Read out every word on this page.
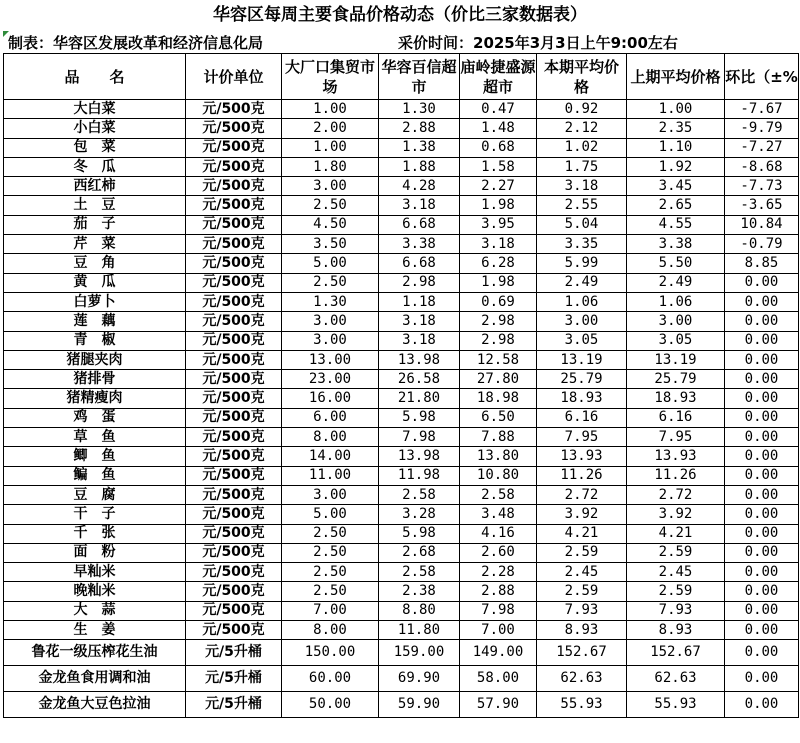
华容区每周主要食品价格动态（价比三家数据表）
制表：华容区发展改革和经济信息化局	采价时间：2025年3月3日上午9:00左右
品　　名	计价单位	大厂口集贸市场	华容百信超市	庙岭捷盛源超市	本期平均价格	上期平均价格	环比（±%
大白菜	元/500克	1.00	1.30	0.47	0.92	1.00	-7.67
小白菜	元/500克	2.00	2.88	1.48	2.12	2.35	-9.79
包　菜	元/500克	1.00	1.38	0.68	1.02	1.10	-7.27
冬　瓜	元/500克	1.80	1.88	1.58	1.75	1.92	-8.68
西红柿	元/500克	3.00	4.28	2.27	3.18	3.45	-7.73
土　豆	元/500克	2.50	3.18	1.98	2.55	2.65	-3.65
茄　子	元/500克	4.50	6.68	3.95	5.04	4.55	10.84
芹　菜	元/500克	3.50	3.38	3.18	3.35	3.38	-0.79
豆　角	元/500克	5.00	6.68	6.28	5.99	5.50	8.85
黄　瓜	元/500克	2.50	2.98	1.98	2.49	2.49	0.00
白萝卜	元/500克	1.30	1.18	0.69	1.06	1.06	0.00
莲　藕	元/500克	3.00	3.18	2.98	3.00	3.00	0.00
青　椒	元/500克	3.00	3.18	2.98	3.05	3.05	0.00
猪腿夹肉	元/500克	13.00	13.98	12.58	13.19	13.19	0.00
猪排骨	元/500克	23.00	26.58	27.80	25.79	25.79	0.00
猪精瘦肉	元/500克	16.00	21.80	18.98	18.93	18.93	0.00
鸡　蛋	元/500克	6.00	5.98	6.50	6.16	6.16	0.00
草　鱼	元/500克	8.00	7.98	7.88	7.95	7.95	0.00
鲫　鱼	元/500克	14.00	13.98	13.80	13.93	13.93	0.00
鳊　鱼	元/500克	11.00	11.98	10.80	11.26	11.26	0.00
豆　腐	元/500克	3.00	2.58	2.58	2.72	2.72	0.00
干　子	元/500克	5.00	3.28	3.48	3.92	3.92	0.00
千　张	元/500克	2.50	5.98	4.16	4.21	4.21	0.00
面　粉	元/500克	2.50	2.68	2.60	2.59	2.59	0.00
早籼米	元/500克	2.50	2.58	2.28	2.45	2.45	0.00
晚籼米	元/500克	2.50	2.38	2.88	2.59	2.59	0.00
大　蒜	元/500克	7.00	8.80	7.98	7.93	7.93	0.00
生　姜	元/500克	8.00	11.80	7.00	8.93	8.93	0.00
鲁花一级压榨花生油	元/5升桶	150.00	159.00	149.00	152.67	152.67	0.00
金龙鱼食用调和油	元/5升桶	60.00	69.90	58.00	62.63	62.63	0.00
金龙鱼大豆色拉油	元/5升桶	50.00	59.90	57.90	55.93	55.93	0.00
